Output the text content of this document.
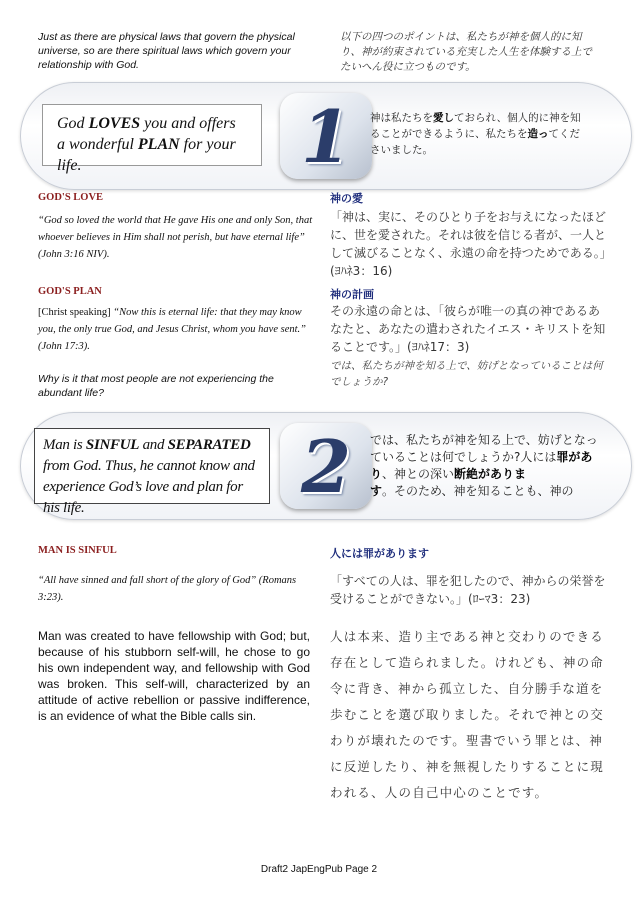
Just as there are physical laws that govern the physical universe, so are there spiritual laws which govern your relationship with God.
以下の四つのポイントは、私たちが神を個人的に知り、神が約束されている充実した人生を体験する上でたいへん役に立つものです。
God LOVES you and offers a wonderful PLAN for your life.	1	神は私たちを愛しておられ、個人的に神を知ることができるように、私たちを造ってくださいました。
GOD'S LOVE
“God so loved the world that He gave His one and only Son, that whoever believes in Him shall not perish, but have eternal life” (John 3:16 NIV).
神の愛
「神は、実に、そのひとり子をお与えになったほどに、世を愛された。それは彼を信じる者が、一人として滅びることなく、永遠の命を持つためである。」(ﾖﾊﾈ3：16)
GOD'S PLAN
[Christ speaking] “Now this is eternal life: that they may know you, the only true God, and Jesus Christ, whom you have sent.” (John 17:3).
神の計画
その永遠の命とは、「彼らが唯一の真の神であるあなたと、あなたの遣わされたイエス・キリストを知ることです。」(ﾖﾊﾈ17：3)
Why is it that most people are not experiencing the abundant life?
では、私たちが神を知る上で、妨げとなっていることは何でしょうか?
Man is SINFUL and SEPARATED from God. Thus, he cannot know and experience God’s love and plan for his life.	2	では、私たちが神を知る上で、妨げとなっていることは何でしょうか?人には罪があり、神との深い断絶がありま
す。そのため、神を知ることも、神の
MAN IS SINFUL
“All have sinned and fall short of the glory of God” (Romans 3:23).
人には罪があります
「すべての人は、罪を犯したので、神からの栄誉を受けることができない。」(ﾛｰﾏ3：23)
Man was created to have fellowship with God; but, because of his stubborn self-will, he chose to go his own independent way, and fellowship with God was broken. This self-will, characterized by an attitude of active rebellion or passive indifference, is an evidence of what the Bible calls sin.
人は本来、造り主である神と交わりのできる存在として造られました。けれども、神の命令に背き、神から孤立した、自分勝手な道を歩むことを選び取りました。それで神との交わりが壊れたのです。聖書でいう罪とは、神に反逆したり、神を無視したりすることに現われる、人の自己中心のことです。
Draft2 JapEngPub Page 2
